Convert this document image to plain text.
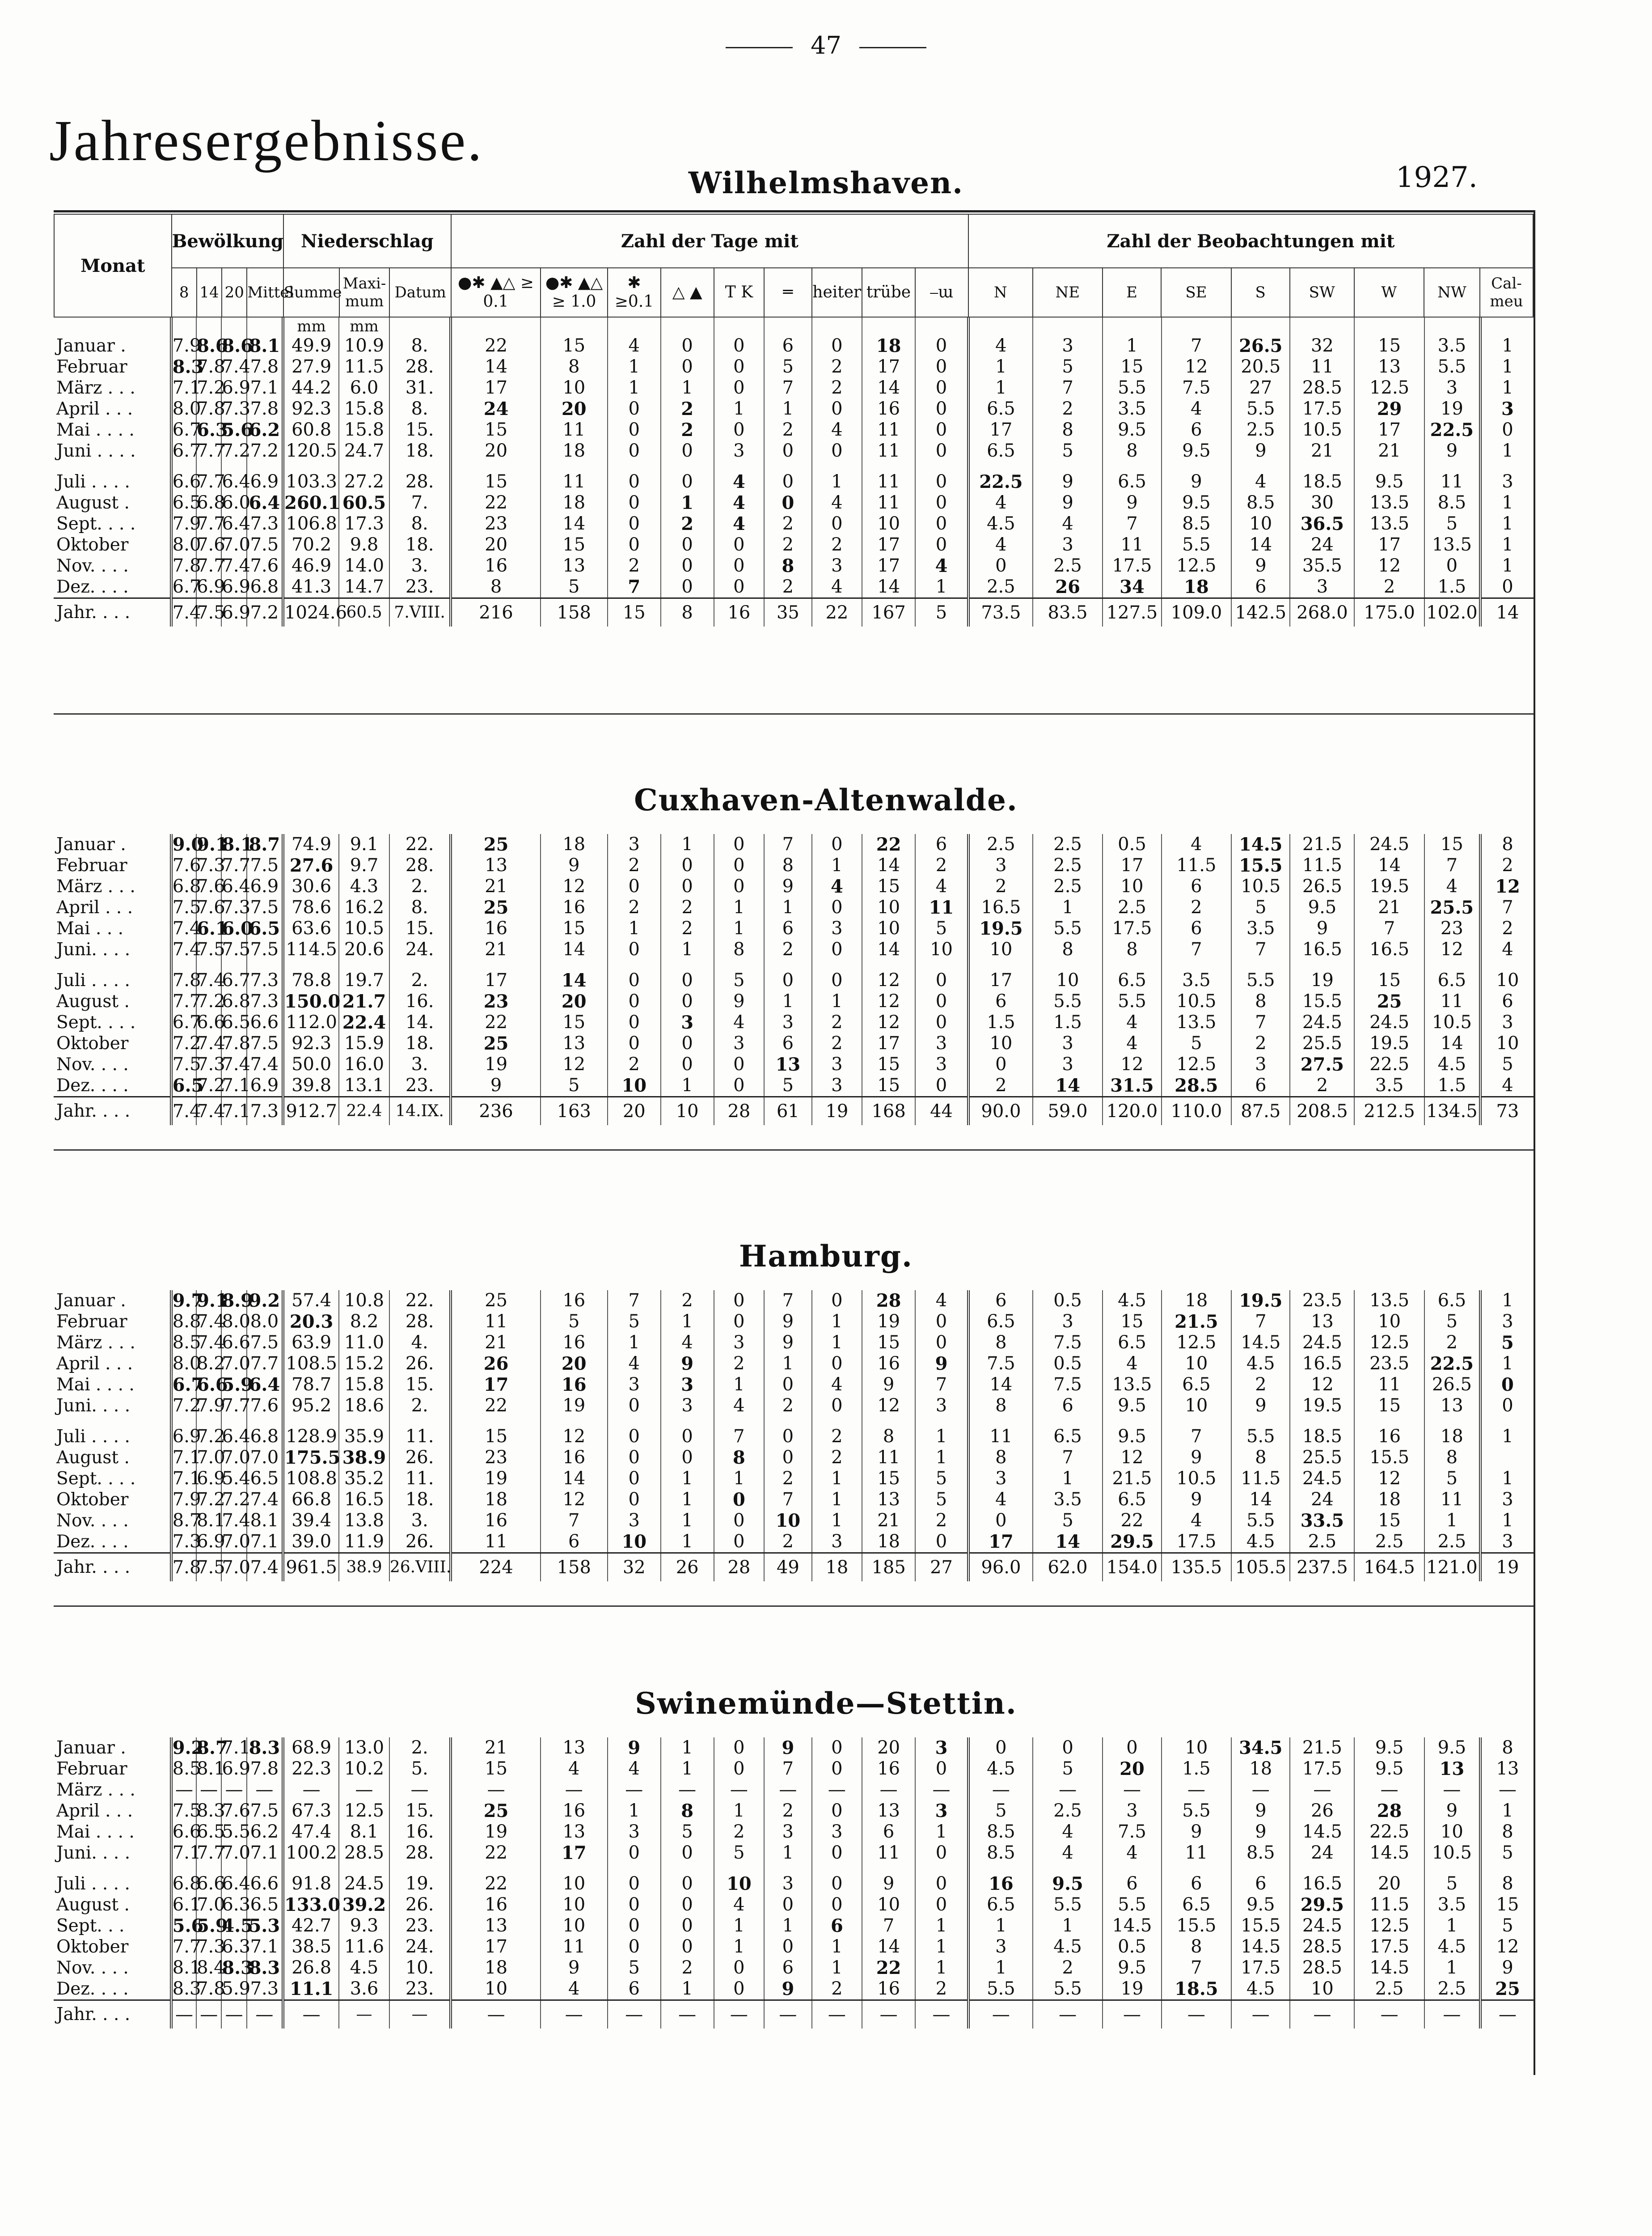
47
Jahresergebnisse.
1927.
Wilhelmshaven.
Cuxhaven-Altenwalde.
Hamburg.
Swinemünde—Stettin.
Monat	Bewölkung				Niederschlag			Zahl der Tage mit									Zahl der Beobachtungen mit								
	8	14	20	Mittel	Summe	Maxi-mum	Datum	●✱ ▲△ ≥ 0.1	●✱ ▲△ ≥ 1.0	✱ ≥0.1	△ ▲	T K	═	heiter	trübe	⎯ɯ	N	NE	E	SE	S	SW	W	NW	Cal-meu
					mm	mm																			
Januar .	7.9	8.6	8.6	8.1	49.9	10.9	8.	22	15	4	0	0	6	0	18	0	4	3	1	7	26.5	32	15	3.5	1
Februar	8.3	7.8	7.4	7.8	27.9	11.5	28.	14	8	1	0	0	5	2	17	0	1	5	15	12	20.5	11	13	5.5	1
März . . .	7.1	7.2	6.9	7.1	44.2	6.0	31.	17	10	1	1	0	7	2	14	0	1	7	5.5	7.5	27	28.5	12.5	3	1
April . . .	8.0	7.8	7.3	7.8	92.3	15.8	8.	24	20	0	2	1	1	0	16	0	6.5	2	3.5	4	5.5	17.5	29	19	3
Mai . . . .	6.7	6.3	5.6	6.2	60.8	15.8	15.	15	11	0	2	0	2	4	11	0	17	8	9.5	6	2.5	10.5	17	22.5	0
Juni . . . .	6.7	7.7	7.2	7.2	120.5	24.7	18.	20	18	0	0	3	0	0	11	0	6.5	5	8	9.5	9	21	21	9	1

Juli . . . .	6.6	7.7	6.4	6.9	103.3	27.2	28.	15	11	0	0	4	0	1	11	0	22.5	9	6.5	9	4	18.5	9.5	11	3
August .	6.5	6.8	6.0	6.4	260.1	60.5	7.	22	18	0	1	4	0	4	11	0	4	9	9	9.5	8.5	30	13.5	8.5	1
Sept. . . .	7.9	7.7	6.4	7.3	106.8	17.3	8.	23	14	0	2	4	2	0	10	0	4.5	4	7	8.5	10	36.5	13.5	5	1
Oktober	8.0	7.6	7.0	7.5	70.2	9.8	18.	20	15	0	0	0	2	2	17	0	4	3	11	5.5	14	24	17	13.5	1
Nov. . . .	7.8	7.7	7.4	7.6	46.9	14.0	3.	16	13	2	0	0	8	3	17	4	0	2.5	17.5	12.5	9	35.5	12	0	1
Dez. . . .	6.7	6.9	6.9	6.8	41.3	14.7	23.	8	5	7	0	0	2	4	14	1	2.5	26	34	18	6	3	2	1.5	0
Jahr. . . .	7.4	7.5	6.9	7.2	1024.6	60.5	7.VIII.	216	158	15	8	16	35	22	167	5	73.5	83.5	127.5	109.0	142.5	268.0	175.0	102.0	14
Januar .	9.0	9.1	8.1	8.7	74.9	9.1	22.	25	18	3	1	0	7	0	22	6	2.5	2.5	0.5	4	14.5	21.5	24.5	15	8
Februar	7.6	7.3	7.7	7.5	27.6	9.7	28.	13	9	2	0	0	8	1	14	2	3	2.5	17	11.5	15.5	11.5	14	7	2
März . . .	6.8	7.6	6.4	6.9	30.6	4.3	2.	21	12	0	0	0	9	4	15	4	2	2.5	10	6	10.5	26.5	19.5	4	12
April . . .	7.5	7.6	7.3	7.5	78.6	16.2	8.	25	16	2	2	1	1	0	10	11	16.5	1	2.5	2	5	9.5	21	25.5	7
Mai . . .	7.4	6.1	6.0	6.5	63.6	10.5	15.	16	15	1	2	1	6	3	10	5	19.5	5.5	17.5	6	3.5	9	7	23	2
Juni. . . .	7.4	7.5	7.5	7.5	114.5	20.6	24.	21	14	0	1	8	2	0	14	10	10	8	8	7	7	16.5	16.5	12	4

Juli . . . .	7.8	7.4	6.7	7.3	78.8	19.7	2.	17	14	0	0	5	0	0	12	0	17	10	6.5	3.5	5.5	19	15	6.5	10
August .	7.7	7.2	6.8	7.3	150.0	21.7	16.	23	20	0	0	9	1	1	12	0	6	5.5	5.5	10.5	8	15.5	25	11	6
Sept. . . .	6.7	6.6	6.5	6.6	112.0	22.4	14.	22	15	0	3	4	3	2	12	0	1.5	1.5	4	13.5	7	24.5	24.5	10.5	3
Oktober	7.2	7.4	7.8	7.5	92.3	15.9	18.	25	13	0	0	3	6	2	17	3	10	3	4	5	2	25.5	19.5	14	10
Nov. . . .	7.5	7.3	7.4	7.4	50.0	16.0	3.	19	12	2	0	0	13	3	15	3	0	3	12	12.5	3	27.5	22.5	4.5	5
Dez. . . .	6.5	7.2	7.1	6.9	39.8	13.1	23.	9	5	10	1	0	5	3	15	0	2	14	31.5	28.5	6	2	3.5	1.5	4
Jahr. . . .	7.4	7.4	7.1	7.3	912.7	22.4	14.IX.	236	163	20	10	28	61	19	168	44	90.0	59.0	120.0	110.0	87.5	208.5	212.5	134.5	73
Januar .	9.7	9.1	8.9	9.2	57.4	10.8	22.	25	16	7	2	0	7	0	28	4	6	0.5	4.5	18	19.5	23.5	13.5	6.5	1
Februar	8.8	7.4	8.0	8.0	20.3	8.2	28.	11	5	5	1	0	9	1	19	0	6.5	3	15	21.5	7	13	10	5	3
März . . .	8.5	7.4	6.6	7.5	63.9	11.0	4.	21	16	1	4	3	9	1	15	0	8	7.5	6.5	12.5	14.5	24.5	12.5	2	5
April . . .	8.0	8.2	7.0	7.7	108.5	15.2	26.	26	20	4	9	2	1	0	16	9	7.5	0.5	4	10	4.5	16.5	23.5	22.5	1
Mai . . . .	6.7	6.6	5.9	6.4	78.7	15.8	15.	17	16	3	3	1	0	4	9	7	14	7.5	13.5	6.5	2	12	11	26.5	0
Juni. . . .	7.2	7.9	7.7	7.6	95.2	18.6	2.	22	19	0	3	4	2	0	12	3	8	6	9.5	10	9	19.5	15	13	0

Juli . . . .	6.9	7.2	6.4	6.8	128.9	35.9	11.	15	12	0	0	7	0	2	8	1	11	6.5	9.5	7	5.5	18.5	16	18	1
August .	7.1	7.0	7.0	7.0	175.5	38.9	26.	23	16	0	0	8	0	2	11	1	8	7	12	9	8	25.5	15.5	8	
Sept. . . .	7.1	6.9	5.4	6.5	108.8	35.2	11.	19	14	0	1	1	2	1	15	5	3	1	21.5	10.5	11.5	24.5	12	5	1
Oktober	7.9	7.2	7.2	7.4	66.8	16.5	18.	18	12	0	1	0	7	1	13	5	4	3.5	6.5	9	14	24	18	11	3
Nov. . . .	8.7	8.1	7.4	8.1	39.4	13.8	3.	16	7	3	1	0	10	1	21	2	0	5	22	4	5.5	33.5	15	1	1
Dez. . . .	7.3	6.9	7.0	7.1	39.0	11.9	26.	11	6	10	1	0	2	3	18	0	17	14	29.5	17.5	4.5	2.5	2.5	2.5	3
Jahr. . . .	7.8	7.5	7.0	7.4	961.5	38.9	26.VIII.	224	158	32	26	28	49	18	185	27	96.0	62.0	154.0	135.5	105.5	237.5	164.5	121.0	19
Januar .	9.2	8.7	7.1	8.3	68.9	13.0	2.	21	13	9	1	0	9	0	20	3	0	0	0	10	34.5	21.5	9.5	9.5	8
Februar	8.5	8.1	6.9	7.8	22.3	10.2	5.	15	4	4	1	0	7	0	16	0	4.5	5	20	1.5	18	17.5	9.5	13	13
März . . .	—	—	—	—	—	—	—	—	—	—	—	—	—	—	—	—	—	—	—	—	—	—	—	—	—
April . . .	7.5	8.3	7.6	7.5	67.3	12.5	15.	25	16	1	8	1	2	0	13	3	5	2.5	3	5.5	9	26	28	9	1
Mai . . . .	6.6	6.5	5.5	6.2	47.4	8.1	16.	19	13	3	5	2	3	3	6	1	8.5	4	7.5	9	9	14.5	22.5	10	8
Juni. . . .	7.1	7.7	7.0	7.1	100.2	28.5	28.	22	17	0	0	5	1	0	11	0	8.5	4	4	11	8.5	24	14.5	10.5	5

Juli . . . .	6.8	6.6	6.4	6.6	91.8	24.5	19.	22	10	0	0	10	3	0	9	0	16	9.5	6	6	6	16.5	20	5	8
August .	6.1	7.0	6.3	6.5	133.0	39.2	26.	16	10	0	0	4	0	0	10	0	6.5	5.5	5.5	6.5	9.5	29.5	11.5	3.5	15
Sept. . .	5.6	5.9	4.5	5.3	42.7	9.3	23.	13	10	0	0	1	1	6	7	1	1	1	14.5	15.5	15.5	24.5	12.5	1	5
Oktober	7.7	7.3	6.3	7.1	38.5	11.6	24.	17	11	0	0	1	0	1	14	1	3	4.5	0.5	8	14.5	28.5	17.5	4.5	12
Nov. . . .	8.1	8.4	8.3	8.3	26.8	4.5	10.	18	9	5	2	0	6	1	22	1	1	2	9.5	7	17.5	28.5	14.5	1	9
Dez. . . .	8.3	7.8	5.9	7.3	11.1	3.6	23.	10	4	6	1	0	9	2	16	2	5.5	5.5	19	18.5	4.5	10	2.5	2.5	25
Jahr. . . .	—	—	—	—	—	—	—	—	—	—	—	—	—	—	—	—	—	—	—	—	—	—	—	—	—
